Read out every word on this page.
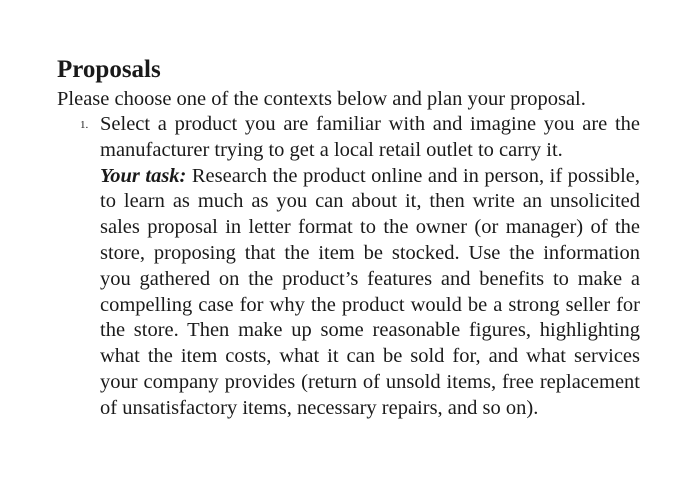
Proposals

Please choose one of the contexts below and plan your proposal.

1. Select a product you are familiar with and imagine you are the manufacturer trying to get a local retail outlet to carry it.

Your task: Research the product online and in person, if possible, to learn as much as you can about it, then write an unsolicited sales proposal in letter format to the owner (or manager) of the store, proposing that the item be stocked. Use the information you gathered on the product’s features and benefits to make a compelling case for why the product would be a strong seller for the store. Then make up some reasonable figures, highlighting what the item costs, what it can be sold for, and what services your company provides (return of unsold items, free replacement of unsatisfactory items, necessary repairs, and so on).
